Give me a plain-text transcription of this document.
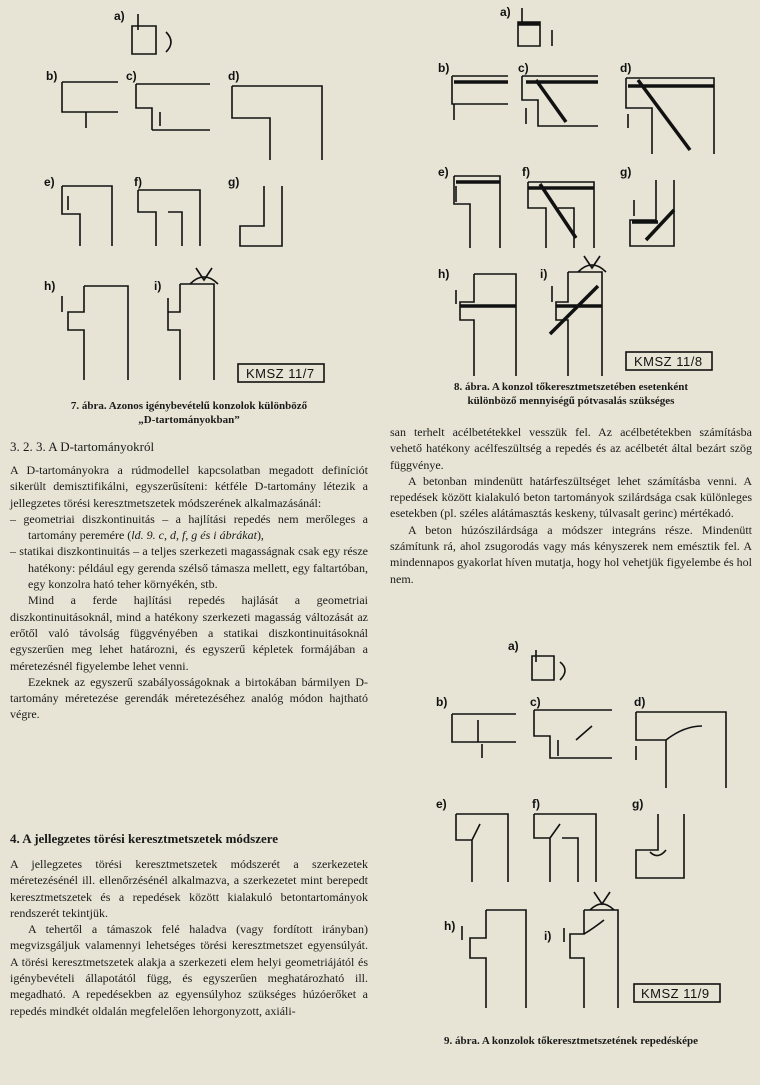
a)
b)	c)	d)
e)	f)	g)
h)	i)
KMSZ 11/7
7. ábra. Azonos igénybevételű konzolok különböző
„D-tartományokban”
3. 2. 3. A D-tartományokról

A D-tartományokra a rúdmodellel kapcsolatban megadott definíciót sikerült demisztifikálni, egyszerűsíteni: kétféle D-tartomány létezik a jellegzetes törési keresztmetszetek módszerének alkalmazásánál:

– geometriai diszkontinuitás – a hajlítási repedés nem merőleges a tartomány peremére (ld. 9. c, d, f, g és i ábrákat),

– statikai diszkontinuitás – a teljes szerkezeti magasságnak csak egy része hatékony: például egy gerenda szélső támasza mellett, egy faltartóban, egy konzolra ható teher környékén, stb.

Mind a ferde hajlítási repedés hajlását a geometriai diszkontinuitásoknál, mind a hatékony szerkezeti magasság változását az erőtől való távolság függvényében a statikai diszkontinuitásoknál egyszerűen meg lehet határozni, és egyszerű képletek formájában a méretezésnél figyelembe lehet venni.

Ezeknek az egyszerű szabályosságoknak a birtokában bármilyen D-tartomány méretezése gerendák méretezéséhez analóg módon hajtható végre.

4. A jellegzetes törési keresztmetszetek módszere

A jellegzetes törési keresztmetszetek módszerét a szerkezetek méretezésénél ill. ellenőrzésénél alkalmazva, a szerkezetet mint berepedt keresztmetszetek és a repedések között kialakuló betontartományok rendszerét tekintjük.

A tehertől a támaszok felé haladva (vagy fordított irányban) megvizsgáljuk valamennyi lehetséges törési keresztmetszet egyensúlyát. A törési keresztmetszetek alakja a szerkezeti elem helyi geometriájától és igénybevételi állapotától függ, és egyszerűen meghatározható ill. megadható. A repedésekben az egyensúlyhoz szükséges húzóerőket a repedés mindkét oldalán megfelelően lehorgonyzott, axiáli-

a)
b)	c)	d)
e)	f)	g)
h)	i)
KMSZ 11/8
8. ábra. A konzol tőkeresztmetszetében esetenként
különböző mennyiségű pótvasalás szükséges

san terhelt acélbetétekkel vesszük fel. Az acélbetétekben számításba vehető hatékony acélfeszültség a repedés és az acélbetét által bezárt szög függvénye.

A betonban mindenütt határfeszültséget lehet számításba venni. A repedések között kialakuló beton tartományok szilárdsága csak különleges esetekben (pl. széles alátámasztás keskeny, túlvasalt gerinc) mértékadó.

A beton húzószilárdsága a módszer integráns része. Mindenütt számítunk rá, ahol zsugorodás vagy más kényszerek nem emésztik fel. A mindennapos gyakorlat híven mutatja, hogy hol vehetjük figyelembe és hol nem.

a)
b)	c)	d)
e)	f)	g)
h)
i)
KMSZ 11/9
9. ábra. A konzolok tőkeresztmetszetének repedésképe
